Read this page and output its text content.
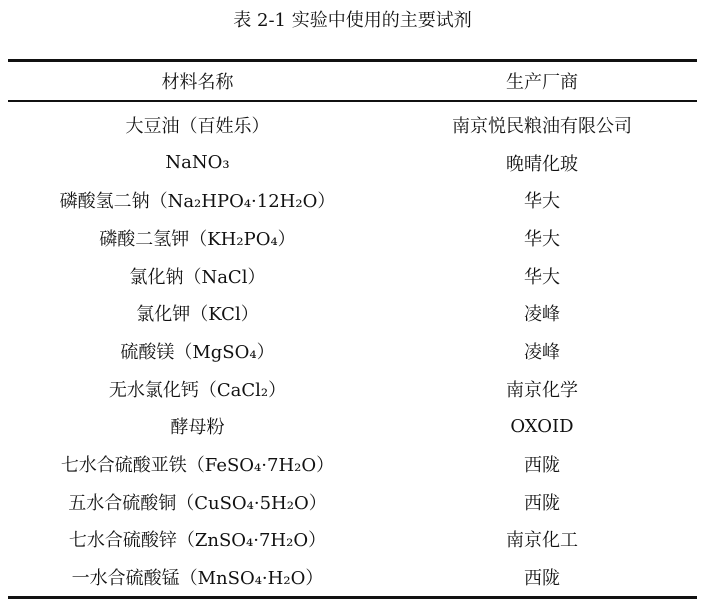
表 2-1 实验中使用的主要试剂
材料名称	生产厂商
大豆油（百姓乐）	南京悦民粮油有限公司
NaNO₃	晚晴化玻
磷酸氢二钠（Na₂HPO₄·12H₂O）	华大
磷酸二氢钾（KH₂PO₄）	华大
氯化钠（NaCl）	华大
氯化钾（KCl）	凌峰
硫酸镁（MgSO₄）	凌峰
无水氯化钙（CaCl₂）	南京化学
酵母粉	OXOID
七水合硫酸亚铁（FeSO₄·7H₂O）	西陇
五水合硫酸铜（CuSO₄·5H₂O）	西陇
七水合硫酸锌（ZnSO₄·7H₂O）	南京化工
一水合硫酸锰（MnSO₄·H₂O）	西陇
